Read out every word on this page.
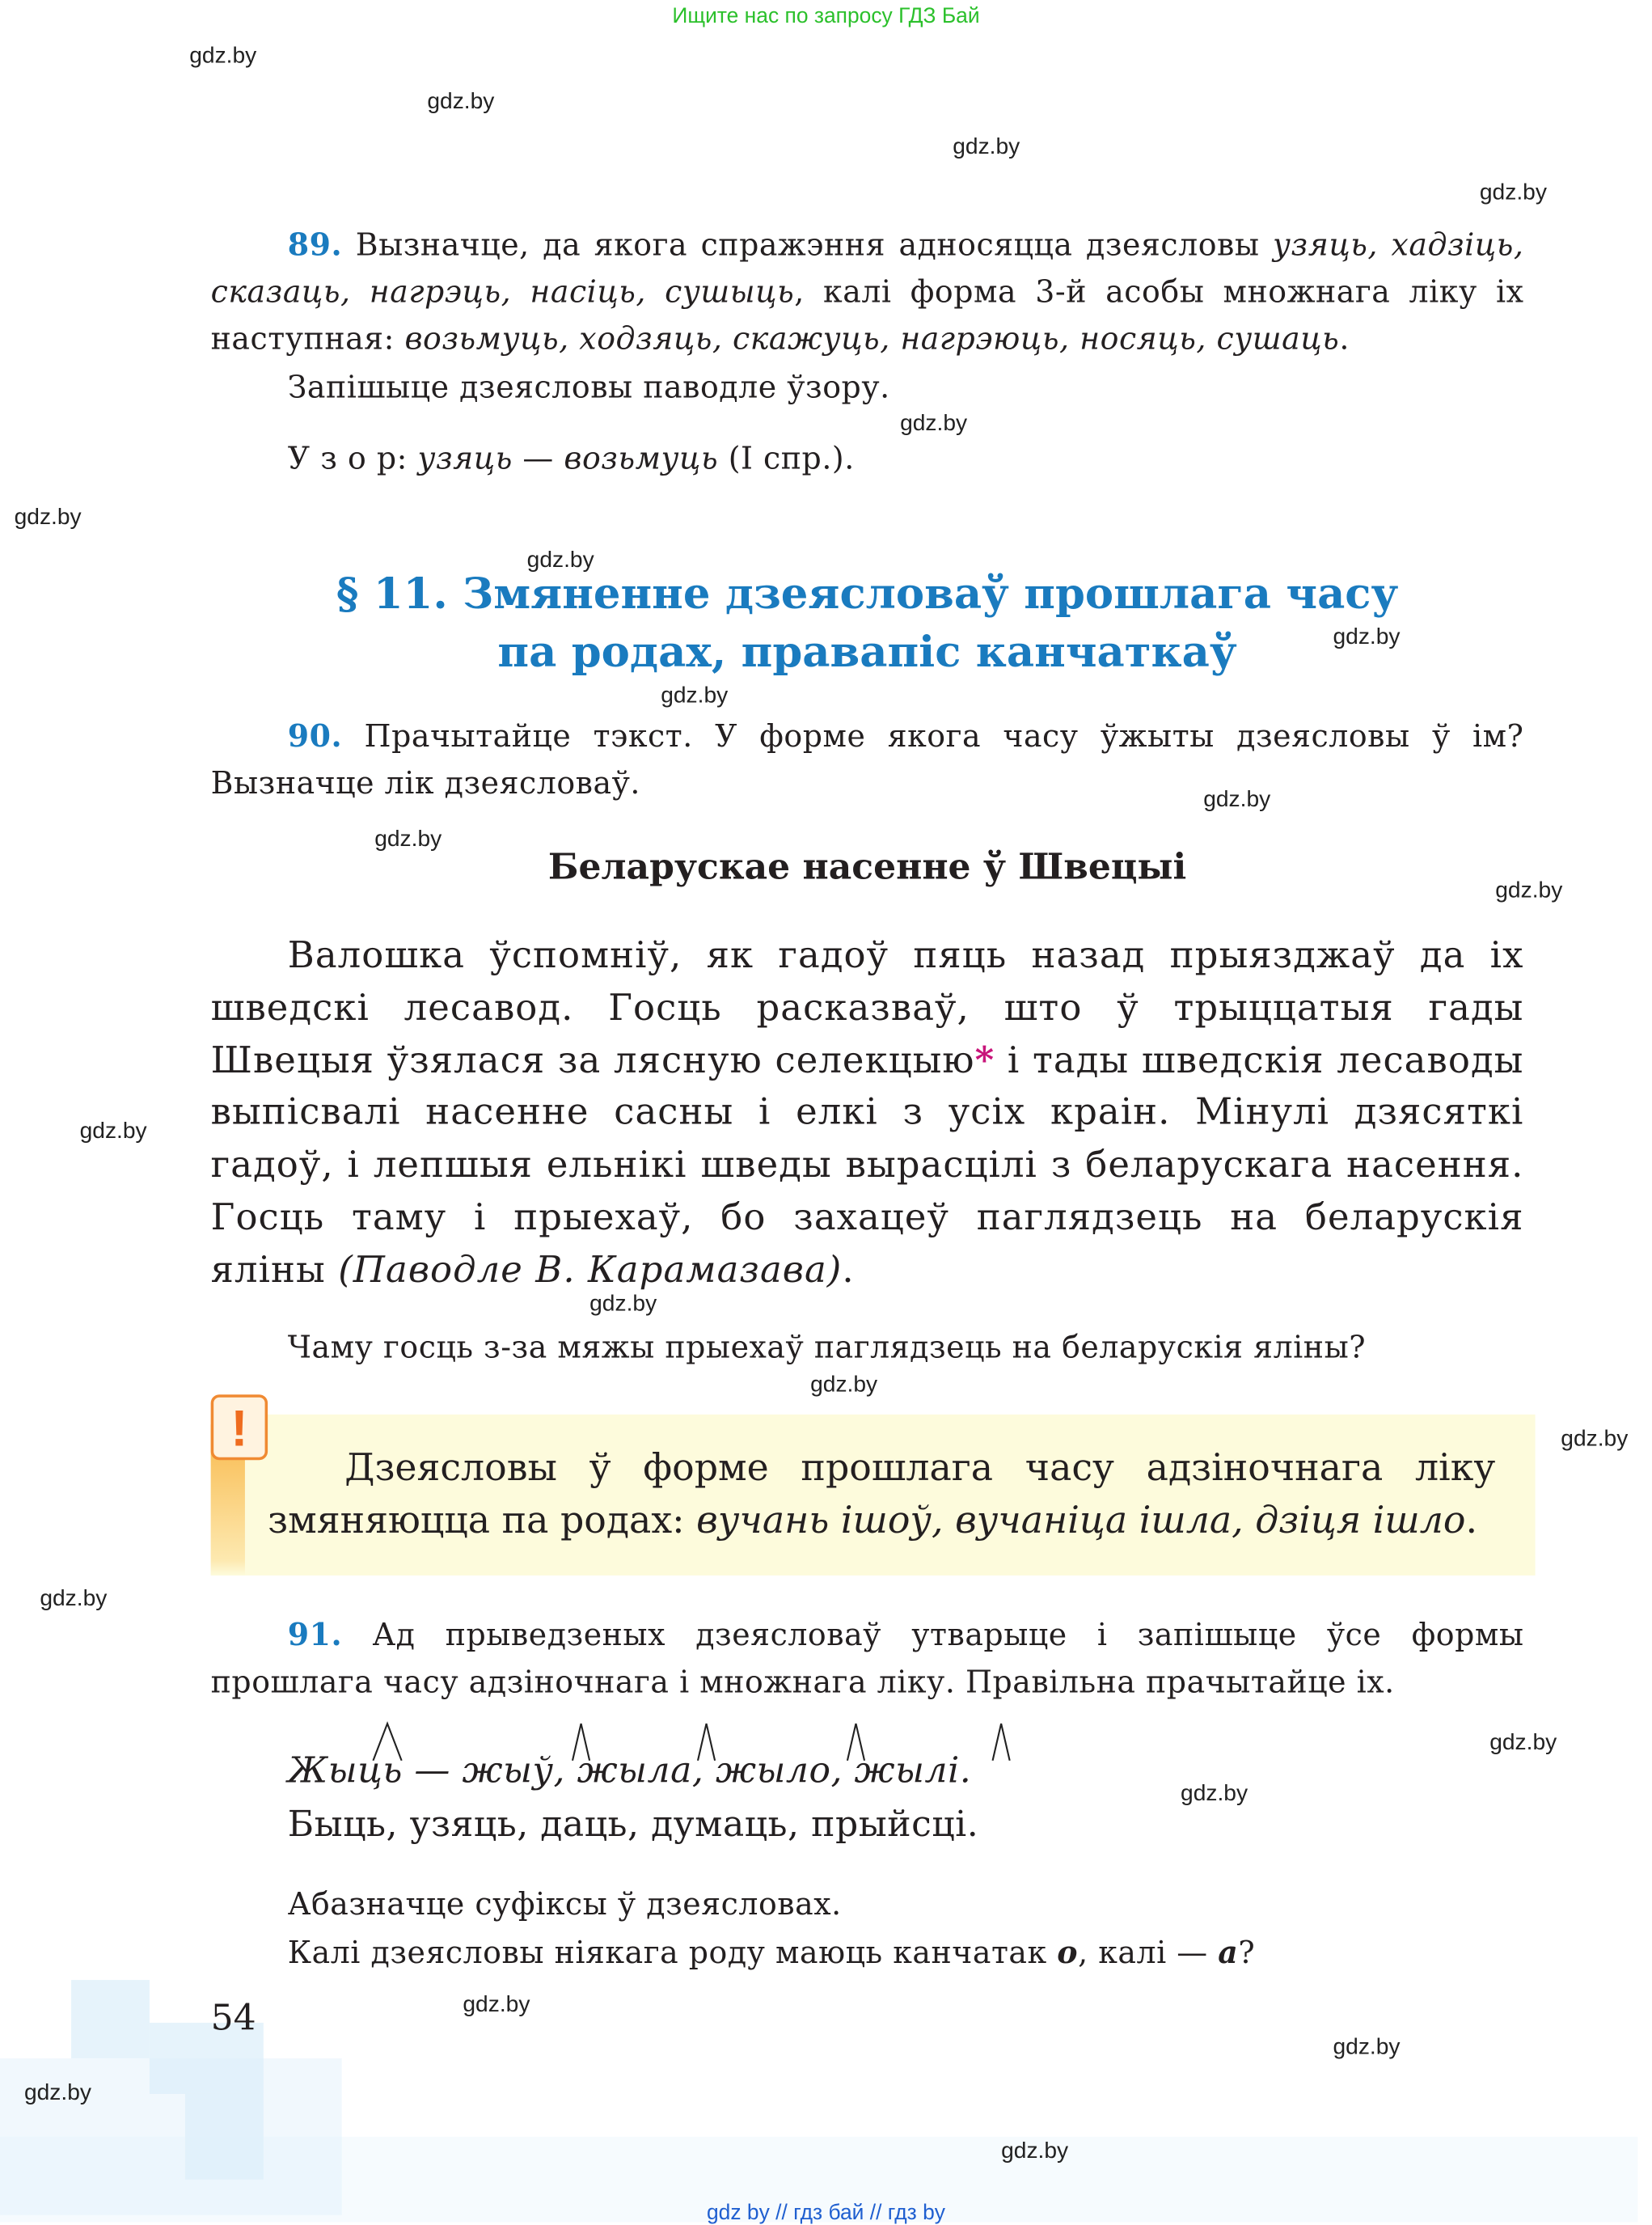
Ищите нас по запросу ГДЗ Бай
gdz.by
gdz.by
gdz.by
gdz.by
gdz.by
gdz.by
gdz.by
gdz.by
gdz.by
gdz.by
gdz.by
gdz.by
gdz.by
gdz.by
gdz.by
gdz.by
gdz.by
gdz.by
gdz.by
gdz.by
gdz.by
gdz.by
gdz.by
89. Вызначце, да якога спражэння адносяцца дзеясловы узяць, хадзіць, сказаць, нагрэць, насіць, сушыць, калі форма 3-й асобы множнага ліку іх наступная: возьмуць, ходзяць, скажуць, нагрэюць, носяць, сушаць.
Запішыце дзеясловы паводле ўзору.
У з о р: узяць — возьмуць (I спр.).
§ 11. Змяненне дзеясловаў прошлага часу
па родах, правапіс канчаткаў
90. Прачытайце тэкст. У форме якога часу ўжыты дзеясловы ў ім? Вызначце лік дзеясловаў.
Беларускае насенне ў Швецыі
Валошка ўспомніў, як гадоў пяць назад прыязджаў да іх шведскі лесавод. Госць расказваў, што ў трыццатыя гады Швецыя ўзялася за лясную селекцыю* і тады шведскія лесаводы выпісвалі насенне сасны і елкі з усіх краін. Мінулі дзясяткі гадоў, і лепшыя ельнікі шведы вырасцілі з беларускага насення. Госць таму і прыехаў, бо захацеў паглядзець на беларускія яліны (Паводле В. Карамазава).
Чаму госць з-за мяжы прыехаў паглядзець на беларускія яліны?
!
Дзеясловы ў форме прошлага часу адзіночнага ліку змяняюцца па родах: вучань ішоў, вучаніца ішла, дзіця ішло.
91. Ад прыведзеных дзеясловаў утварыце і запішыце ўсе формы прошлага часу адзіночнага і множнага ліку. Правільна прачытайце іх.
Жыць — жыў, жыла, жыло, жылі.
Быць, узяць, даць, думаць, прыйсці.
Абазначце суфіксы ў дзеясловах.
Калі дзеясловы ніякага роду маюць канчатак о, калі — а?
54
gdz by // гдз бай // гдз by
